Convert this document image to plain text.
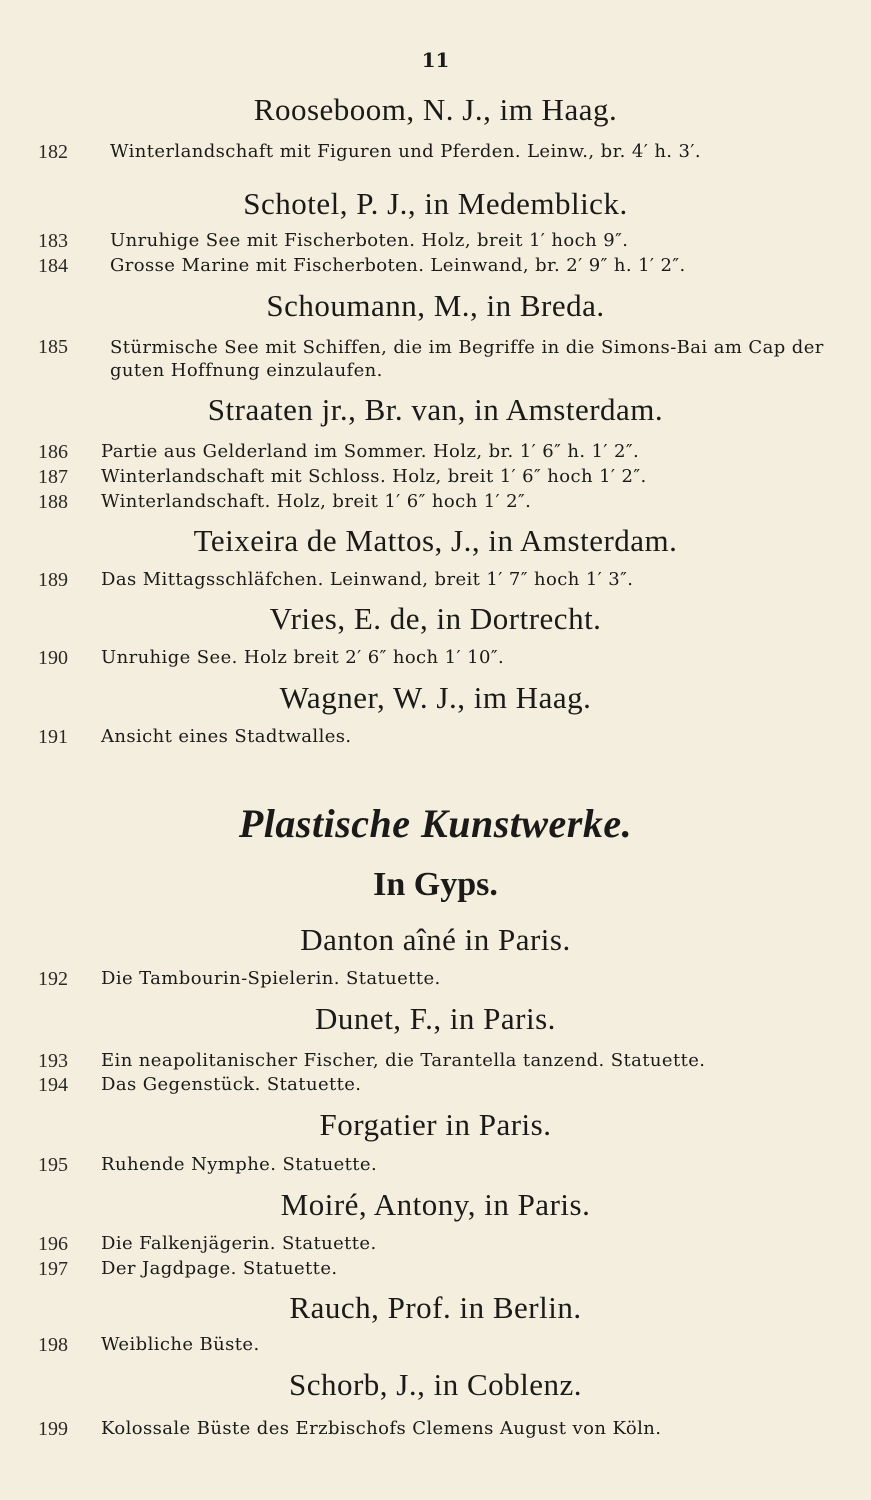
11
Rooseboom, N. J., im Haag.
182	Winterlandschaft mit Figuren und Pferden. Leinw., br. 4′ h. 3′.
Schotel, P. J., in Medemblick.
183	Unruhige See mit Fischerboten. Holz, breit 1′ hoch 9″.
184	Grosse Marine mit Fischerboten. Leinwand, br. 2′ 9″ h. 1′ 2″.
Schoumann, M., in Breda.
185	Stürmische See mit Schiffen, die im Begriffe in die Simons-Bai am Cap der guten Hoffnung einzulaufen.
Straaten jr., Br. van, in Amsterdam.
186	Partie aus Gelderland im Sommer. Holz, br. 1′ 6″ h. 1′ 2″.
187	Winterlandschaft mit Schloss. Holz, breit 1′ 6″ hoch 1′ 2″.
188	Winterlandschaft. Holz, breit 1′ 6″ hoch 1′ 2″.
Teixeira de Mattos, J., in Amsterdam.
189	Das Mittagsschläfchen. Leinwand, breit 1′ 7″ hoch 1′ 3″.
Vries, E. de, in Dortrecht.
190	Unruhige See. Holz breit 2′ 6″ hoch 1′ 10″.
Wagner, W. J., im Haag.
191	Ansicht eines Stadtwalles.
Plastische Kunstwerke.
In Gyps.
Danton aîné in Paris.
192	Die Tambourin-Spielerin. Statuette.
Dunet, F., in Paris.
193	Ein neapolitanischer Fischer, die Tarantella tanzend. Statuette.
194	Das Gegenstück. Statuette.
Forgatier in Paris.
195	Ruhende Nymphe. Statuette.
Moiré, Antony, in Paris.
196	Die Falkenjägerin. Statuette.
197	Der Jagdpage. Statuette.
Rauch, Prof. in Berlin.
198	Weibliche Büste.
Schorb, J., in Coblenz.
199	Kolossale Büste des Erzbischofs Clemens August von Köln.
